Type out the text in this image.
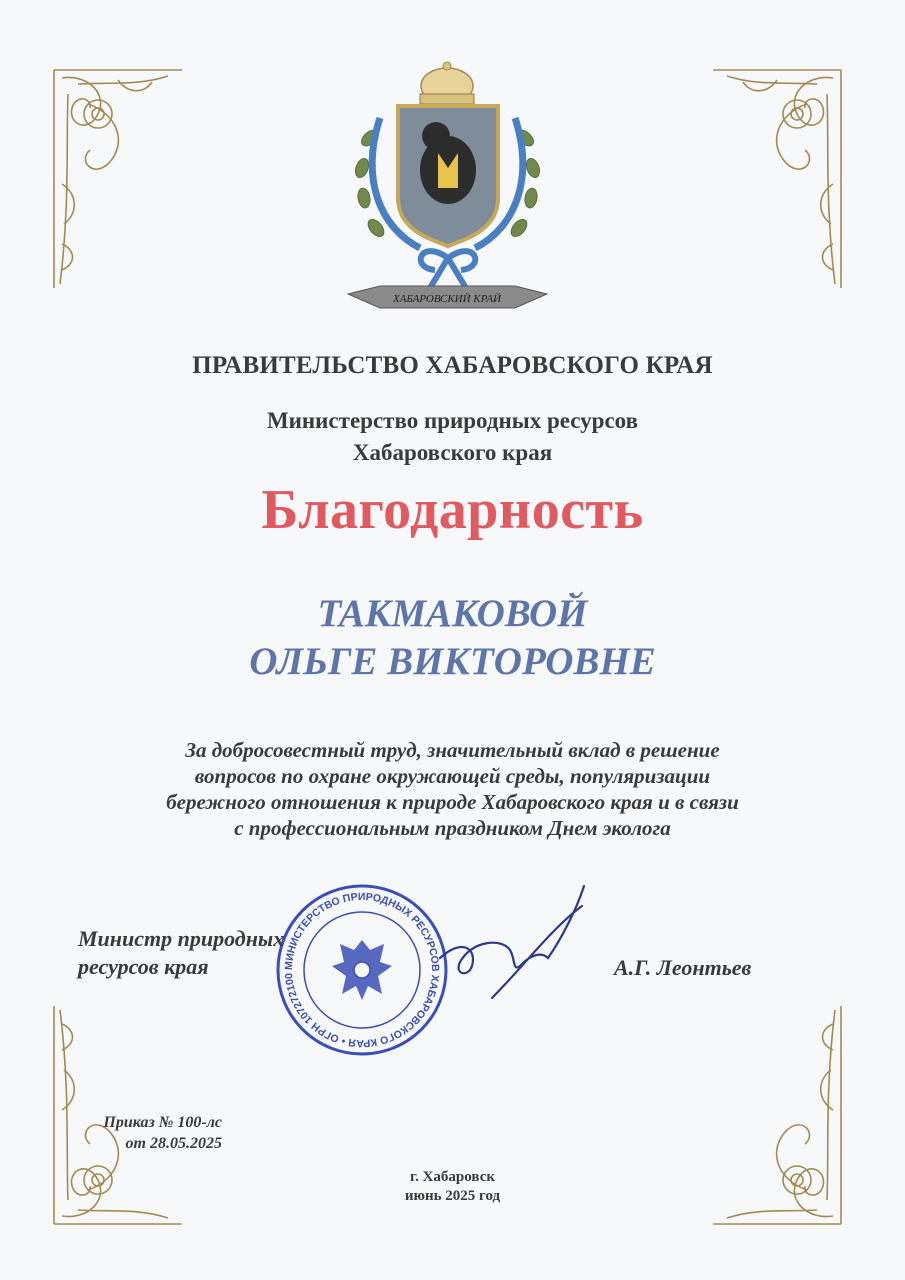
ХАБАРОВСКИЙ КРАЙ
ПРАВИТЕЛЬСТВО ХАБАРОВСКОГО КРАЯ
Министерство природных ресурсов
Хабаровского края
Благодарность
ТАКМАКОВОЙ
ОЛЬГЕ ВИКТОРОВНЕ
За добросовестный труд, значительный вклад в решение
вопросов по охране окружающей среды, популяризации
бережного отношения к природе Хабаровского края и в связи
с профессиональным праздником Днем эколога
МИНИСТЕРСТВО ПРИРОДНЫХ РЕСУРСОВ ХАБАРОВСКОГО КРАЯ • ОГРН 107272100
Министр природных
ресурсов края	А.Г. Леонтьев
Приказ № 100-лс
от 28.05.2025
г. Хабаровск
июнь 2025 год
